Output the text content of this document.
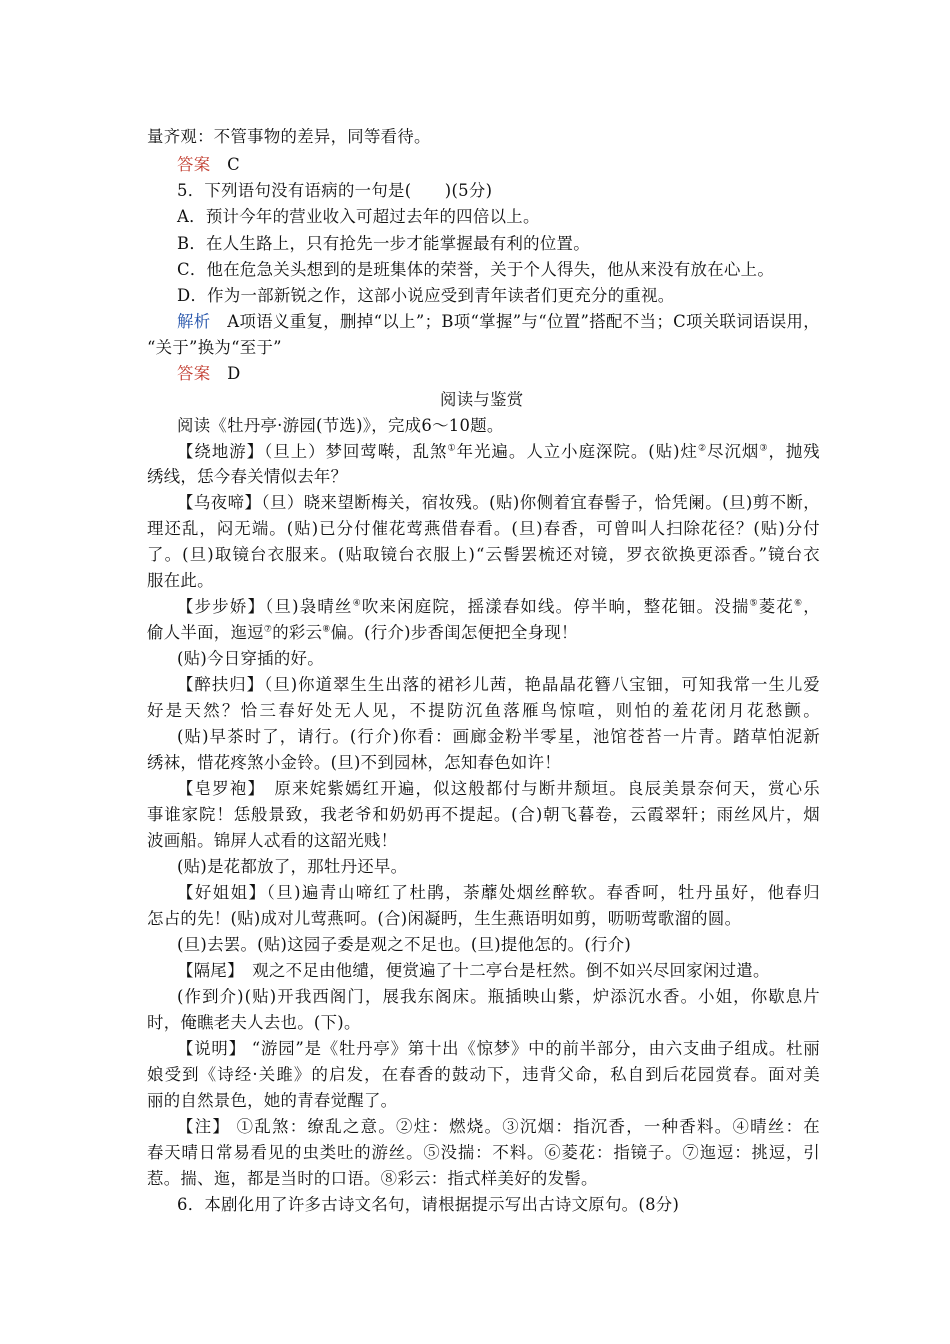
量齐观：不管事物的差异，同等看待。
答案　C
5．下列语句没有语病的一句是(　　)(5分)
A．预计今年的营业收入可超过去年的四倍以上。
B．在人生路上，只有抢先一步才能掌握最有利的位置。
C．他在危急关头想到的是班集体的荣誉，关于个人得失，他从来没有放在心上。
D．作为一部新锐之作，这部小说应受到青年读者们更充分的重视。
解析　A项语义重复，删掉“以上”；B项“掌握”与“位置”搭配不当；C项关联词语误用，
“关于”换为“至于”
答案　D
阅读与鉴赏
阅读《牡丹亭·游园(节选)》，完成6～10题。
【绕地游】（旦上）梦回莺啭，乱煞①年光遍。人立小庭深院。(贴)炷②尽沉烟③，抛残
绣线，恁今春关情似去年？
【乌夜啼】（旦）晓来望断梅关，宿妆残。(贴)你侧着宜春髻子，恰凭阑。(旦)剪不断，
理还乱，闷无端。(贴)已分付催花莺燕借春看。(旦)春香，可曾叫人扫除花径？(贴)分付
了。(旦)取镜台衣服来。(贴取镜台衣服上)“云髻罢梳还对镜，罗衣欲换更添香。”镜台衣
服在此。
【步步娇】（旦)袅晴丝④吹来闲庭院，摇漾春如线。停半晌，整花钿。没揣⑤菱花⑥，
偷人半面，迤逗⑦的彩云⑧偏。(行介)步香闺怎便把全身现！
(贴)今日穿插的好。
【醉扶归】（旦)你道翠生生出落的裙衫儿茜，艳晶晶花簪八宝钿，可知我常一生儿爱
好是天然？恰三春好处无人见，不提防沉鱼落雁鸟惊喧，则怕的羞花闭月花愁颤。
(贴)早茶时了，请行。(行介)你看：画廊金粉半零星，池馆苍苔一片青。踏草怕泥新
绣袜，惜花疼煞小金铃。(旦)不到园林，怎知春色如许！
【皂罗袍】　原来姹紫嫣红开遍，似这般都付与断井颓垣。良辰美景奈何天，赏心乐
事谁家院！恁般景致，我老爷和奶奶再不提起。(合)朝飞暮卷，云霞翠轩；雨丝风片，烟
波画船。锦屏人忒看的这韶光贱！
(贴)是花都放了，那牡丹还早。
【好姐姐】（旦)遍青山啼红了杜鹃，荼蘼处烟丝醉软。春香呵，牡丹虽好，他春归
怎占的先！(贴)成对儿莺燕呵。(合)闲凝眄，生生燕语明如剪，呖呖莺歌溜的圆。
(旦)去罢。(贴)这园子委是观之不足也。(旦)提他怎的。(行介)
【隔尾】　观之不足由他缱，便赏遍了十二亭台是枉然。倒不如兴尽回家闲过遣。
(作到介)(贴)开我西阁门，展我东阁床。瓶插映山紫，炉添沉水香。小姐，你歇息片
时，俺瞧老夫人去也。(下)。
【说明】 “游园”是《牡丹亭》第十出《惊梦》中的前半部分，由六支曲子组成。杜丽
娘受到《诗经·关雎》的启发，在春香的鼓动下，违背父命，私自到后花园赏春。面对美
丽的自然景色，她的青春觉醒了。
【注】 ①乱煞：缭乱之意。②炷：燃烧。③沉烟：指沉香，一种香料。④晴丝：在
春天晴日常易看见的虫类吐的游丝。⑤没揣：不料。⑥菱花：指镜子。⑦迤逗：挑逗，引
惹。揣、迤，都是当时的口语。⑧彩云：指式样美好的发髻。
6．本剧化用了许多古诗文名句，请根据提示写出古诗文原句。(8分)
